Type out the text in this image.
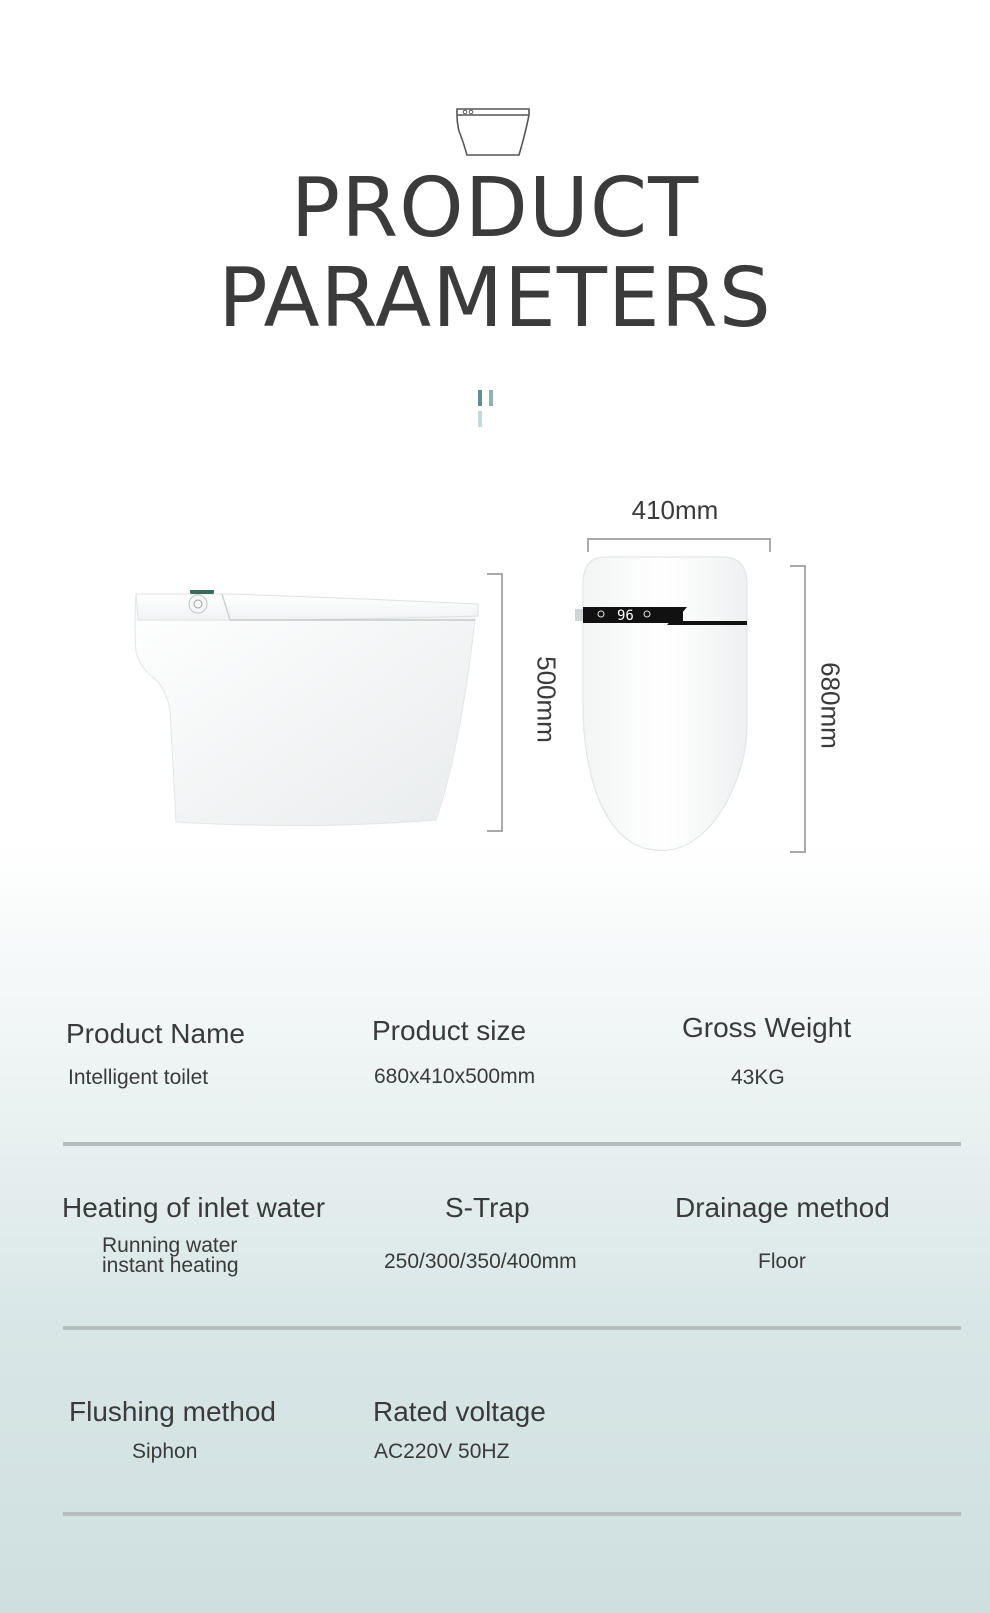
PRODUCT
PARAMETERS
500mm
96
410mm
680mm
Product Name
Intelligent toilet
Product size
680x410x500mm
Gross Weight
43KG
Heating of inlet water
Running water
instant heating
S-Trap
250/300/350/400mm
Drainage method
Floor
Flushing method
Siphon
Rated voltage
AC220V 50HZ
